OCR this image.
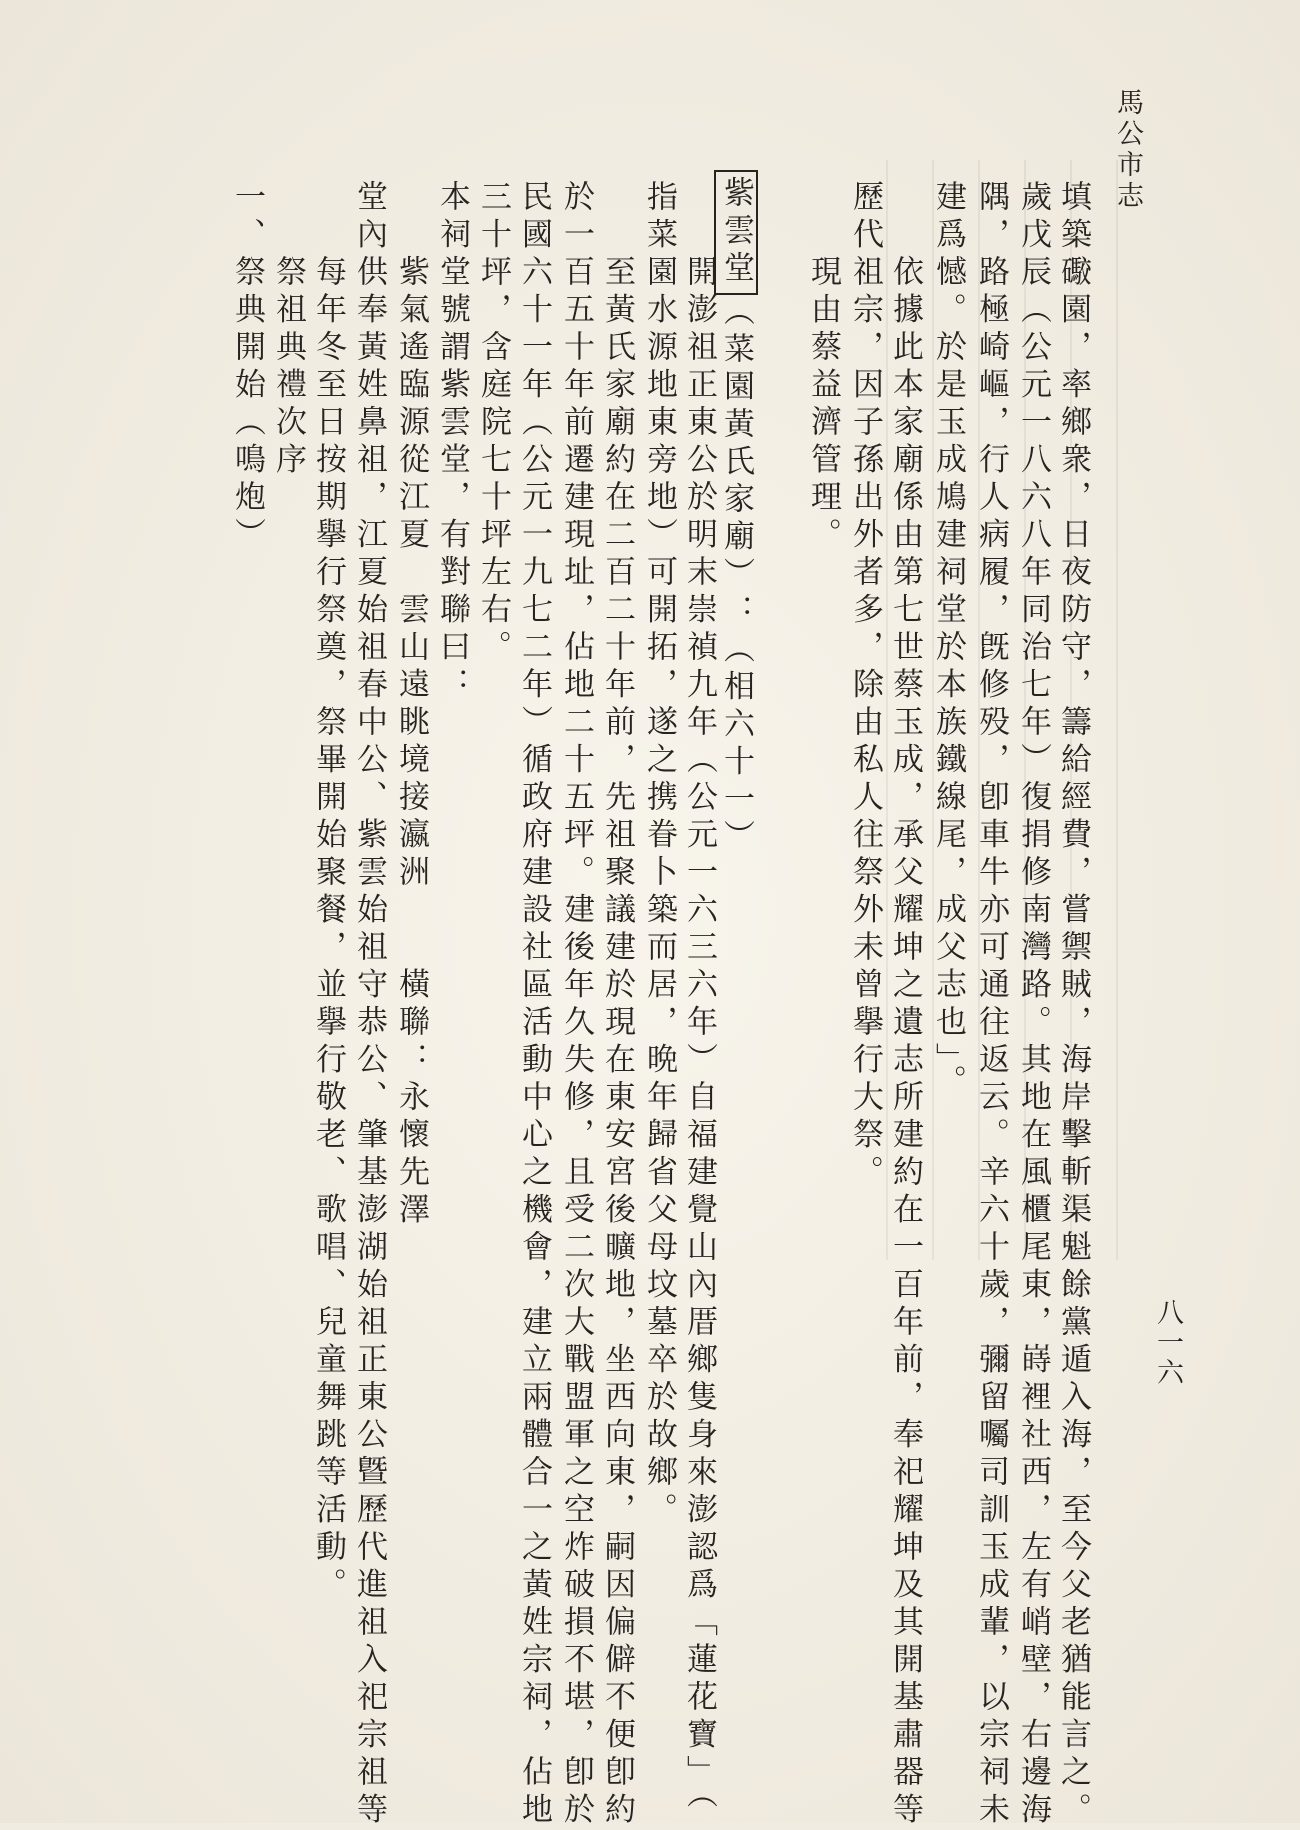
馬公市志
八一六
填築礮園，率鄉衆，日夜防守，籌給經費，嘗禦賊，海岸擊斬渠魁餘黨遁入海，至今父老猶能言之。
歲戊辰（公元一八六八年同治七年）復捐修南灣路。其地在風櫃尾東，嵵裡社西，左有峭壁，右邊海
隅，路極崎嶇，行人病履，旣修殁，卽車牛亦可通往返云。辛六十歲，彌留囑司訓玉成輩，以宗祠未
建爲憾。於是玉成鳩建祠堂於本族鐵線尾，成父志也」。
依據此本家廟係由第七世蔡玉成，承父耀坤之遺志所建約在一百年前，奉祀耀坤及其開基肅器等
歷代祖宗，因子孫出外者多，除由私人往祭外未曾擧行大祭。
現由蔡益濟管理。
紫雲堂（菜園黃氏家廟）：（相六十一）
開澎祖正東公於明末崇禎九年（公元一六三六年）自福建覺山內厝鄉隻身來澎認爲「蓮花寶」（
指菜園水源地東旁地）可開拓，遂之携眷卜築而居，晩年歸省父母坟墓卒於故鄉。
至黃氏家廟約在二百二十年前，先祖聚議建於現在東安宮後曠地，坐西向東，嗣因偏僻不便卽約
於一百五十年前遷建現址，佔地二十五坪。建後年久失修，且受二次大戰盟軍之空炸破損不堪，卽於
民國六十一年（公元一九七二年）循政府建設社區活動中心之機會，建立兩體合一之黃姓宗祠，佔地
三十坪，含庭院七十坪左右。
本祠堂號謂紫雲堂，有對聯曰：
紫氣遙臨源從江夏　雲山遠眺境接瀛洲　　橫聯：永懷先澤
堂內供奉黃姓鼻祖，江夏始祖春中公、紫雲始祖守恭公、肇基澎湖始祖正東公曁歷代進祖入祀宗祖等
每年冬至日按期擧行祭奠，祭畢開始聚餐，並擧行敬老、歌唱、兒童舞跳等活動。
祭祖典禮次序
一、祭典開始（鳴炮）
